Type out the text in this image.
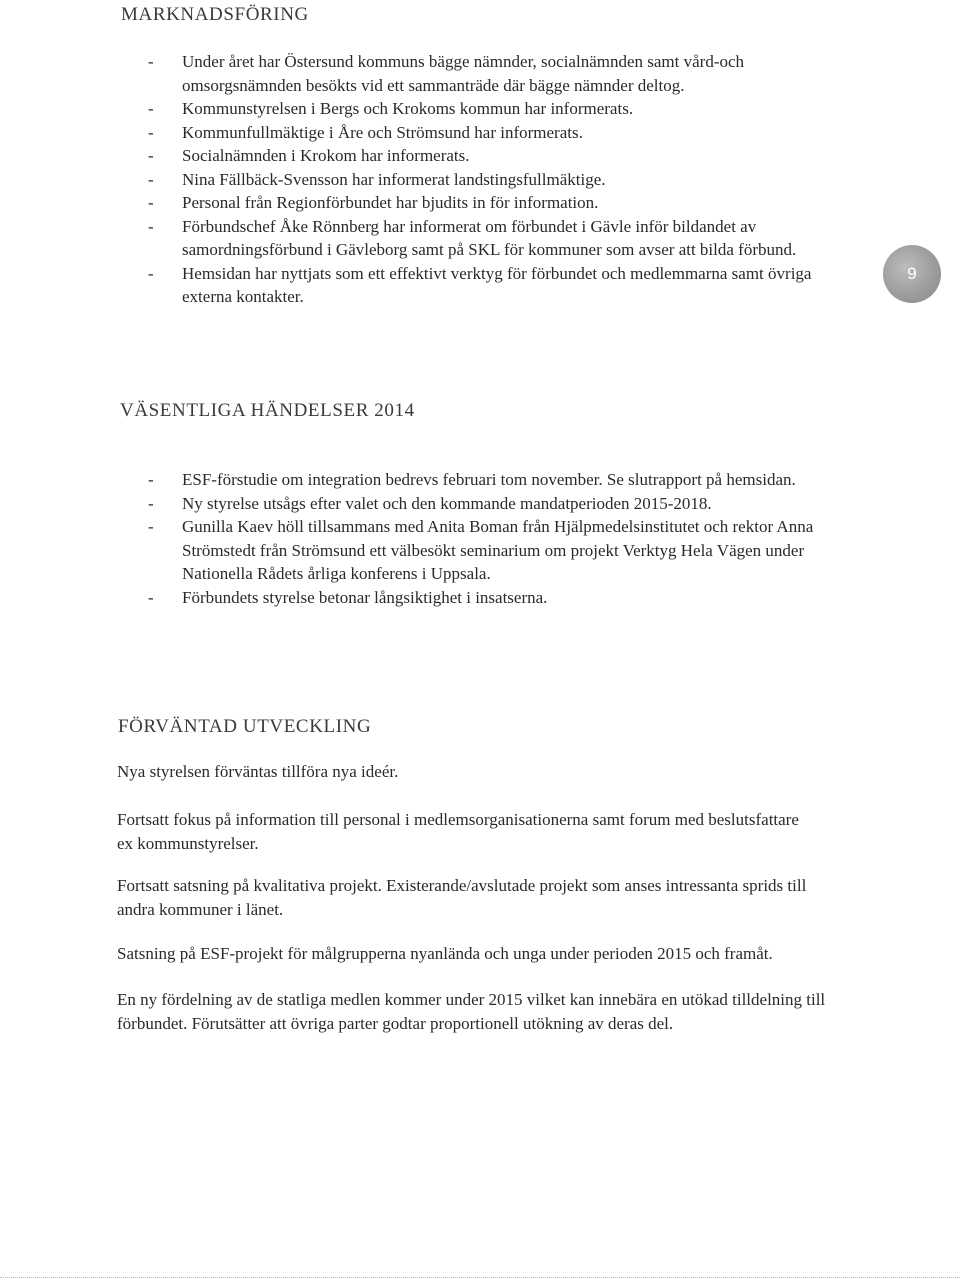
MARKNADSFÖRING
- Under året har Östersund kommuns bägge nämnder, socialnämnden samt vård-och omsorgsnämnden besökts vid ett sammanträde där bägge nämnder deltog.
- Kommunstyrelsen i Bergs och Krokoms kommun har informerats.
- Kommunfullmäktige i Åre och Strömsund har informerats.
- Socialnämnden i Krokom har informerats.
- Nina Fällbäck-Svensson har informerat landstingsfullmäktige.
- Personal från Regionförbundet har bjudits in för information.
- Förbundschef Åke Rönnberg har informerat om förbundet i Gävle inför bildandet av samordningsförbund i Gävleborg samt på SKL för kommuner som avser att bilda förbund.
- Hemsidan har nyttjats som ett effektivt verktyg för förbundet och medlemmarna samt övriga externa kontakter.
9
VÄSENTLIGA HÄNDELSER 2014
- ESF-förstudie om integration bedrevs februari tom november. Se slutrapport på hemsidan.
- Ny styrelse utsågs efter valet och den kommande mandatperioden 2015-2018.
- Gunilla Kaev höll tillsammans med Anita Boman från Hjälpmedelsinstitutet och rektor Anna Strömstedt från Strömsund ett välbesökt seminarium om projekt Verktyg Hela Vägen under Nationella Rådets årliga konferens i Uppsala.
- Förbundets styrelse betonar långsiktighet i insatserna.
FÖRVÄNTAD UTVECKLING

Nya styrelsen förväntas tillföra nya ideér.

Fortsatt fokus på information till personal i medlemsorganisationerna samt forum med beslutsfattare ex kommunstyrelser.

Fortsatt satsning på kvalitativa projekt. Existerande/avslutade projekt som anses intressanta sprids till andra kommuner i länet.

Satsning på ESF-projekt för målgrupperna nyanlända och unga under perioden 2015 och framåt.

En ny fördelning av de statliga medlen kommer under 2015 vilket kan innebära en utökad tilldelning till förbundet. Förutsätter att övriga parter godtar proportionell utökning av deras del.
